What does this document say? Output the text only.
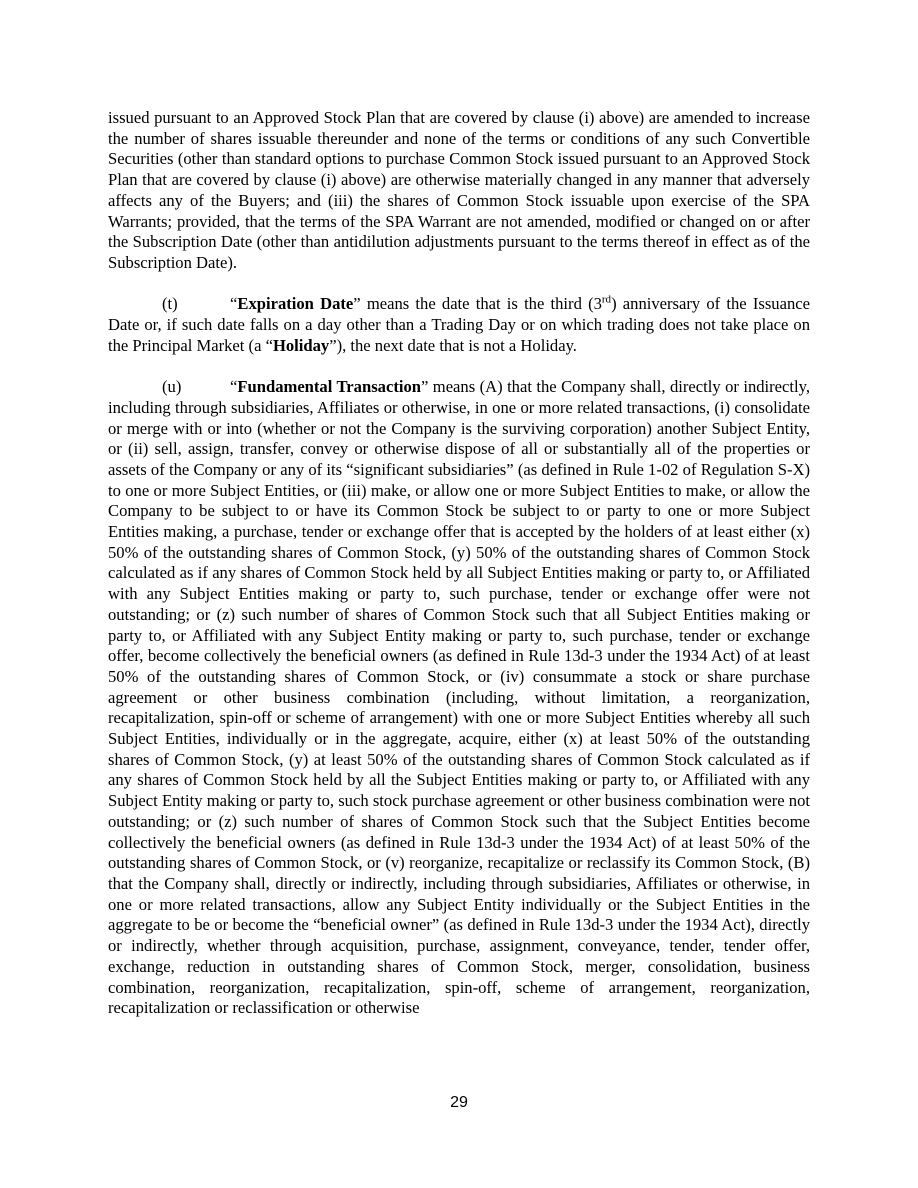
issued pursuant to an Approved Stock Plan that are covered by clause (i) above) are amended to increase the number of shares issuable thereunder and none of the terms or conditions of any such Convertible Securities (other than standard options to purchase Common Stock issued pursuant to an Approved Stock Plan that are covered by clause (i) above) are otherwise materially changed in any manner that adversely affects any of the Buyers; and (iii) the shares of Common Stock issuable upon exercise of the SPA Warrants; provided, that the terms of the SPA Warrant are not amended, modified or changed on or after the Subscription Date (other than antidilution adjustments pursuant to the terms thereof in effect as of the Subscription Date).

(t)	“Expiration Date” means the date that is the third (3rd) anniversary of the Issuance Date or, if such date falls on a day other than a Trading Day or on which trading does not take place on the Principal Market (a “Holiday”), the next date that is not a Holiday.

(u)	“Fundamental Transaction” means (A) that the Company shall, directly or indirectly, including through subsidiaries, Affiliates or otherwise, in one or more related transactions, (i) consolidate or merge with or into (whether or not the Company is the surviving corporation) another Subject Entity, or (ii) sell, assign, transfer, convey or otherwise dispose of all or substantially all of the properties or assets of the Company or any of its “significant subsidiaries” (as defined in Rule 1-02 of Regulation S-X) to one or more Subject Entities, or (iii) make, or allow one or more Subject Entities to make, or allow the Company to be subject to or have its Common Stock be subject to or party to one or more Subject Entities making, a purchase, tender or exchange offer that is accepted by the holders of at least either (x) 50% of the outstanding shares of Common Stock, (y) 50% of the outstanding shares of Common Stock calculated as if any shares of Common Stock held by all Subject Entities making or party to, or Affiliated with any Subject Entities making or party to, such purchase, tender or exchange offer were not outstanding; or (z) such number of shares of Common Stock such that all Subject Entities making or party to, or Affiliated with any Subject Entity making or party to, such purchase, tender or exchange offer, become collectively the beneficial owners (as defined in Rule 13d-3 under the 1934 Act) of at least 50% of the outstanding shares of Common Stock, or (iv) consummate a stock or share purchase agreement or other business combination (including, without limitation, a reorganization, recapitalization, spin-off or scheme of arrangement) with one or more Subject Entities whereby all such Subject Entities, individually or in the aggregate, acquire, either (x) at least 50% of the outstanding shares of Common Stock, (y) at least 50% of the outstanding shares of Common Stock calculated as if any shares of Common Stock held by all the Subject Entities making or party to, or Affiliated with any Subject Entity making or party to, such stock purchase agreement or other business combination were not outstanding; or (z) such number of shares of Common Stock such that the Subject Entities become collectively the beneficial owners (as defined in Rule 13d-3 under the 1934 Act) of at least 50% of the outstanding shares of Common Stock, or (v) reorganize, recapitalize or reclassify its Common Stock, (B) that the Company shall, directly or indirectly, including through subsidiaries, Affiliates or otherwise, in one or more related transactions, allow any Subject Entity individually or the Subject Entities in the aggregate to be or become the “beneficial owner” (as defined in Rule 13d-3 under the 1934 Act), directly or indirectly, whether through acquisition, purchase, assignment, conveyance, tender, tender offer, exchange, reduction in outstanding shares of Common Stock, merger, consolidation, business combination, reorganization, recapitalization, spin-off, scheme of arrangement, reorganization, recapitalization or reclassification or otherwise

29
